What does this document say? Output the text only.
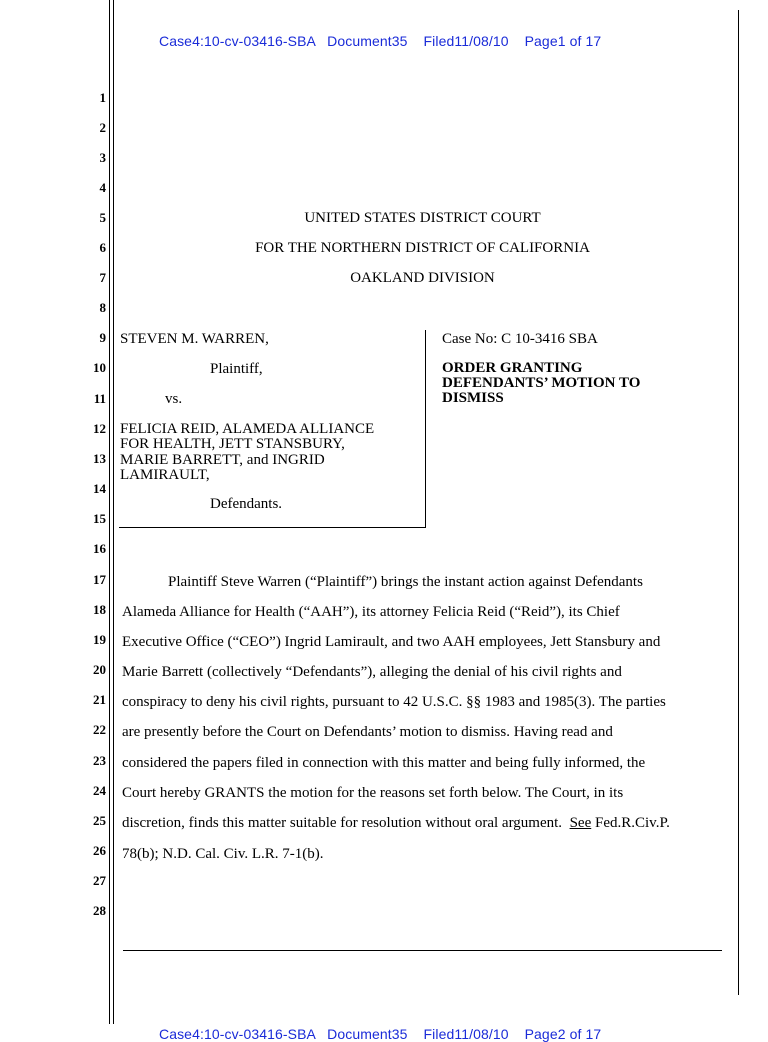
Case4:10-cv-03416-SBA Document35 Filed11/08/10 Page1 of 17

1
2
3
4
5
6
7
8
9
10
11
12
13
14
15
16
17
18
19
20
21
22
23
24
25
26
27
28
UNITED STATES DISTRICT COURT
FOR THE NORTHERN DISTRICT OF CALIFORNIA
OAKLAND DIVISION
STEVEN M. WARREN,
Plaintiff,
vs.
FELICIA REID, ALAMEDA ALLIANCE
FOR HEALTH, JETT STANSBURY,
MARIE BARRETT, and INGRID
LAMIRAULT,
Defendants.
Case No: C 10-3416 SBA
ORDER GRANTING
DEFENDANTS’ MOTION TO
DISMISS
Plaintiff Steve Warren (“Plaintiff”) brings the instant action against Defendants
Alameda Alliance for Health (“AAH”), its attorney Felicia Reid (“Reid”), its Chief
Executive Office (“CEO”) Ingrid Lamirault, and two AAH employees, Jett Stansbury and
Marie Barrett (collectively “Defendants”), alleging the denial of his civil rights and
conspiracy to deny his civil rights, pursuant to 42 U.S.C. §§ 1983 and 1985(3). The parties
are presently before the Court on Defendants’ motion to dismiss. Having read and
considered the papers filed in connection with this matter and being fully informed, the
Court hereby GRANTS the motion for the reasons set forth below. The Court, in its
discretion, finds this matter suitable for resolution without oral argument.  See Fed.R.Civ.P.
78(b); N.D. Cal. Civ. L.R. 7-1(b).

Case4:10-cv-03416-SBA Document35 Filed11/08/10 Page2 of 17
